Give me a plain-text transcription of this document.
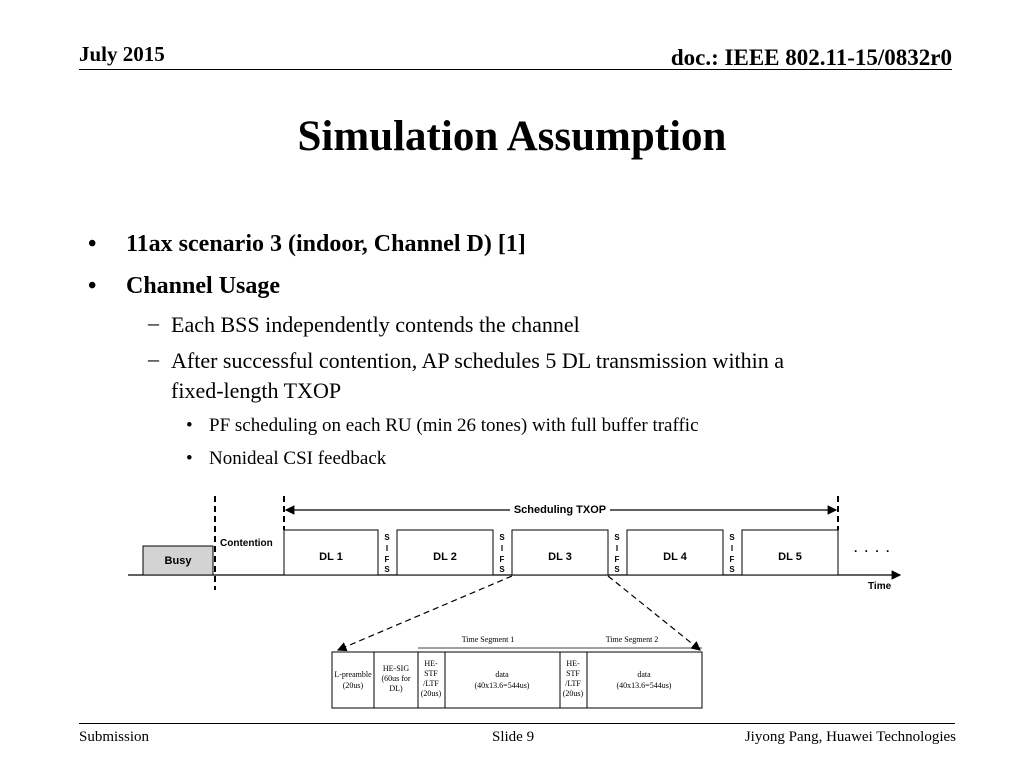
July 2015	doc.: IEEE 802.11-15/0832r0
Simulation Assumption
• 11ax scenario 3 (indoor, Channel D) [1]
• Channel Usage
– Each BSS independently contends the channel
– After successful contention, AP schedules 5 DL transmission within a
fixed-length TXOP
• PF scheduling on each RU (min 26 tones) with full buffer traffic
• Nonideal CSI feedback
Scheduling TXOP
Time
Busy
Contention
DL 1	DL 2	DL 3	DL 4	DL 5
S
I
F
S
S
I
F
S
S
I
F
S
S
I
F
S
. . . .
Time Segment 1	Time Segment 2
L-preamble
(20us)
HE-SIG
(60us for
DL)
HE-
STF
/LTF
(20us)
data
(40x13.6=544us)
HE-
STF
/LTF
(20us)
data
(40x13.6=544us)
Submission	Slide 9	Jiyong Pang, Huawei Technologies
